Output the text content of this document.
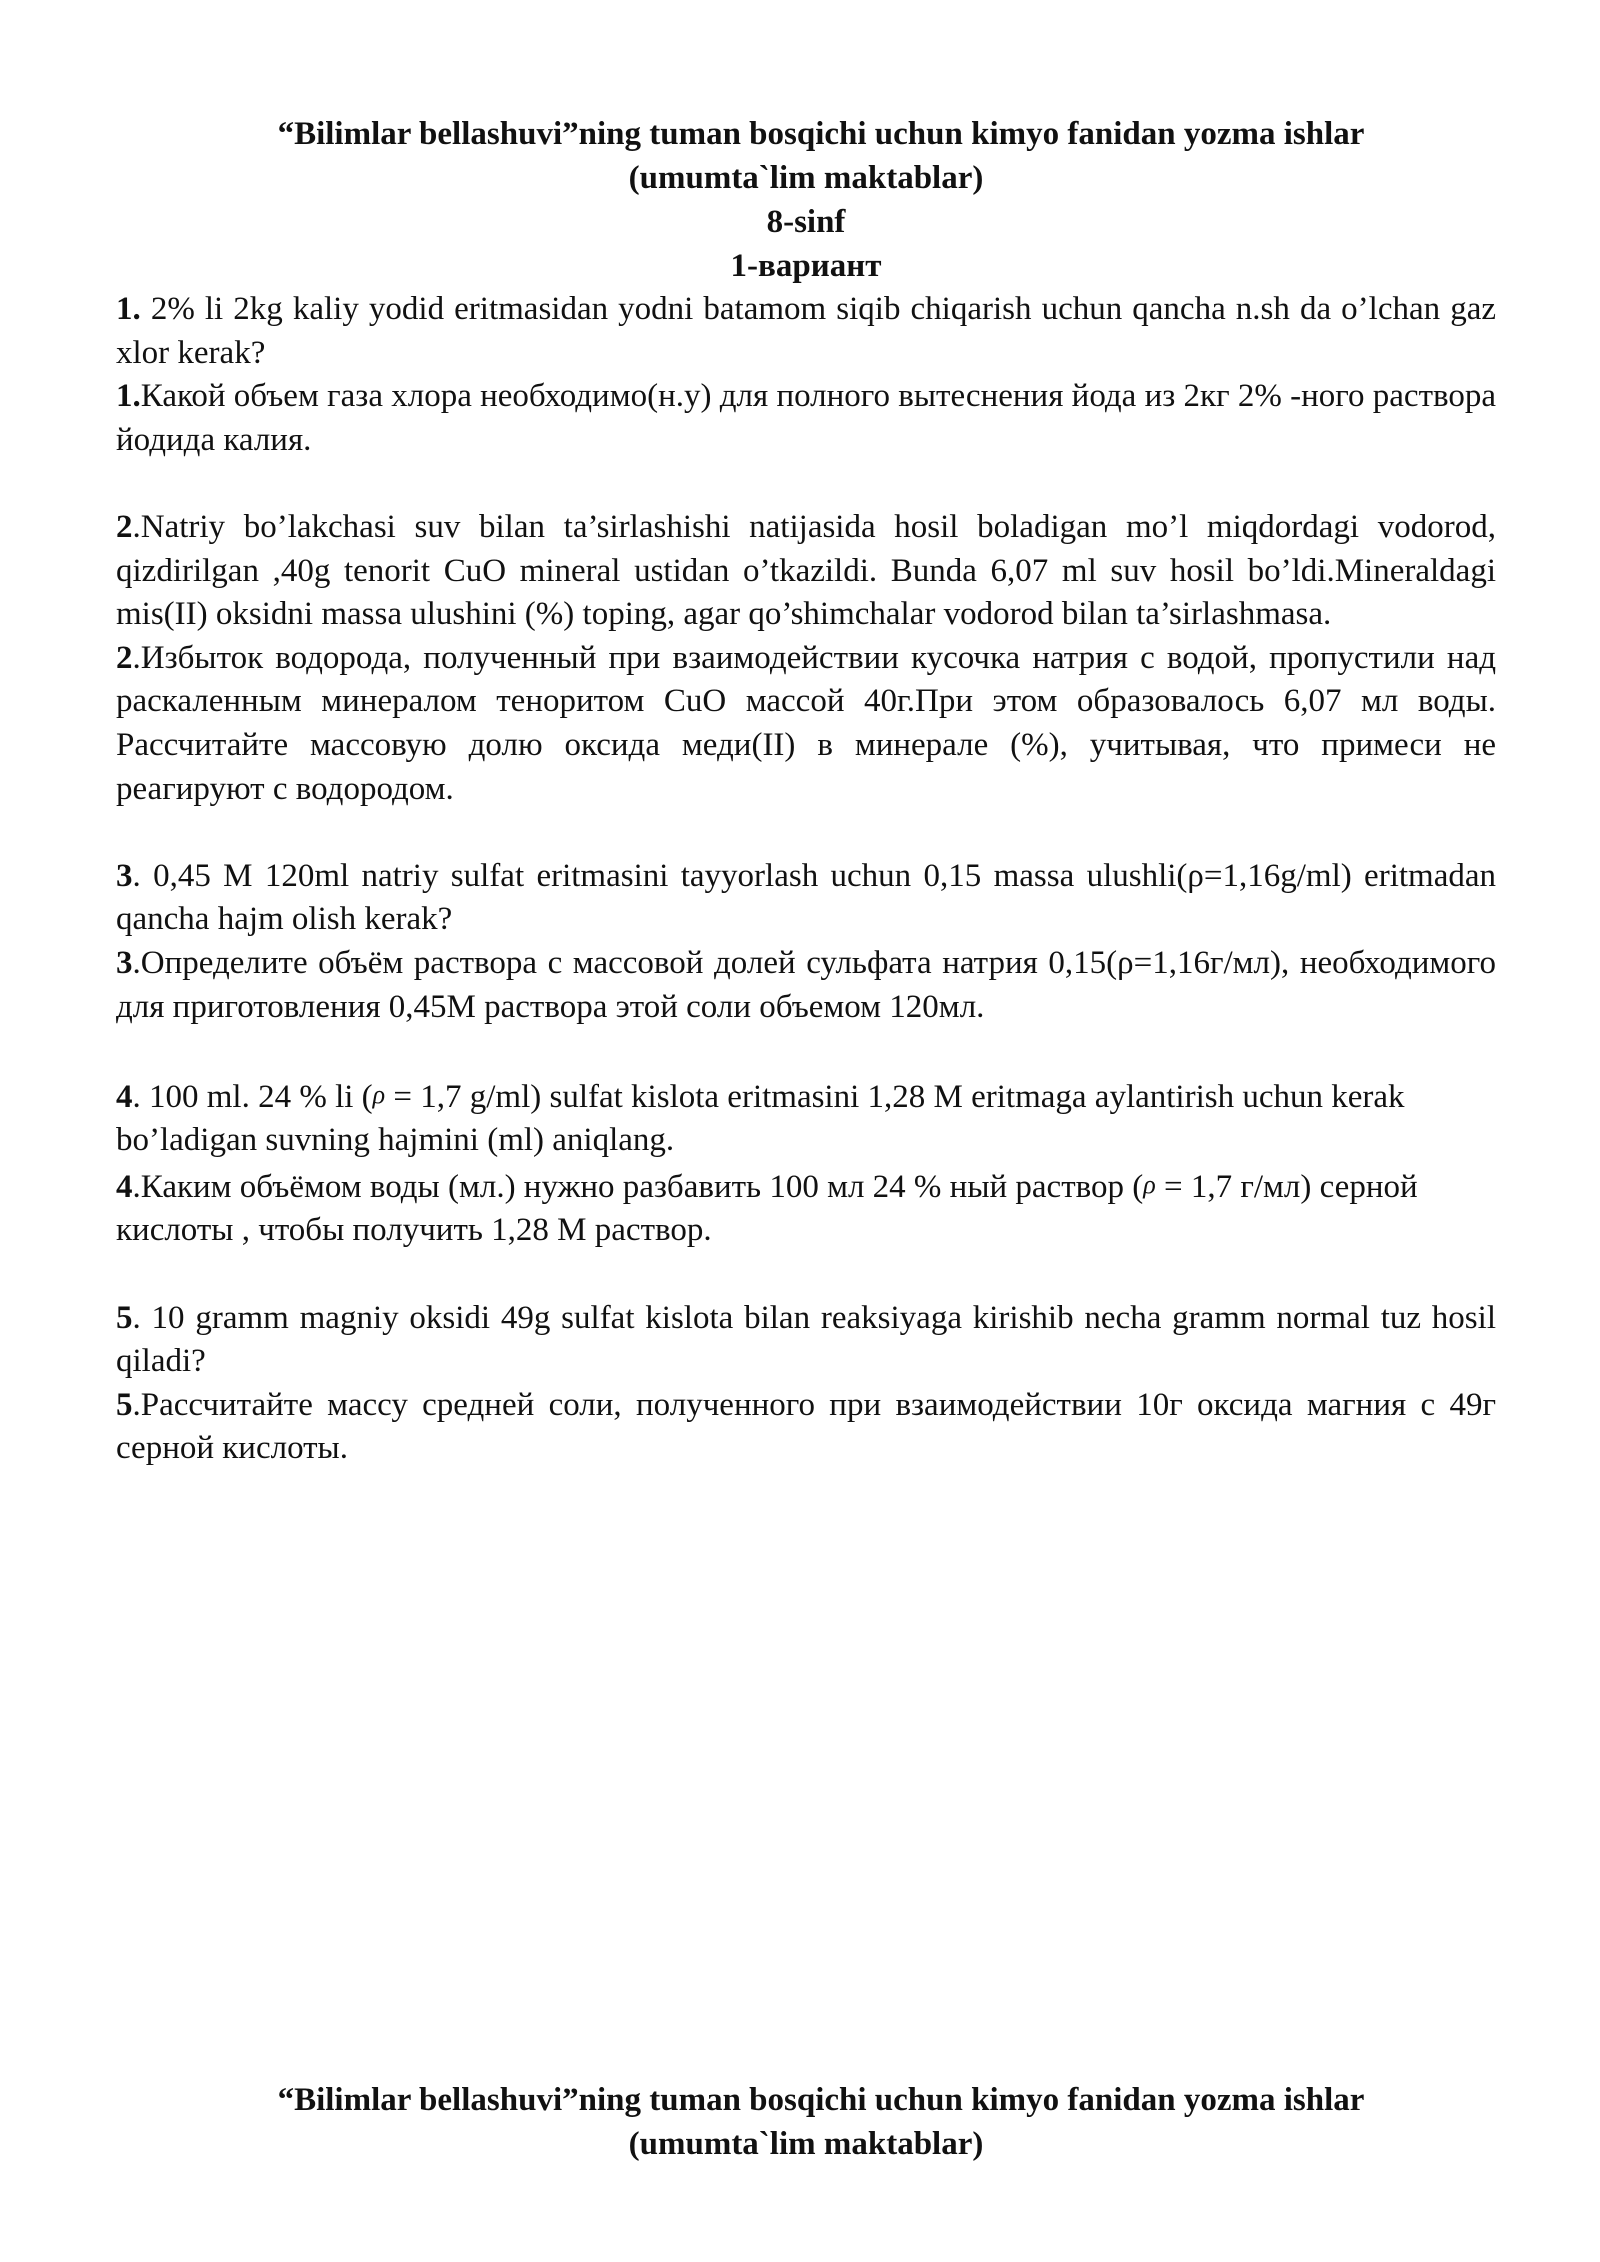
“Bilimlar bellashuvi”ning tuman bosqichi uchun kimyo fanidan yozma ishlar
(umumta`lim maktablar)
8-sinf
1-вариант

1. 2% li 2kg kaliy yodid eritmasidan yodni batamom siqib chiqarish uchun qancha n.sh da o’lchan gaz xlor kerak?

1.Какой объем газа хлора необходимо(н.у) для полного вытеснения йода из 2кг 2% -ного раствора йодида калия.

2.Natriy bo’lakchasi suv bilan ta’sirlashishi natijasida hosil boladigan mo’l miqdordagi vodorod, qizdirilgan ,40g tenorit CuO mineral ustidan o’tkazildi. Bunda 6,07 ml suv hosil bo’ldi.Mineraldagi mis(II) oksidni massa ulushini (%) toping, agar qo’shimchalar vodorod bilan ta’sirlashmasa.

2.Избыток водорода, полученный при взаимодействии кусочка натрия с водой, пропустили над раскаленным минералом тенoритом CuO массой 40г.При этом образовалось 6,07 мл воды. Рассчитайте массовую долю оксида меди(II) в минерале (%), учитывая, что примеси не реагируют с водородом.

3. 0,45 M 120ml natriy sulfat eritmasini tayyorlash uchun 0,15 massa ulushli(ρ=1,16g/ml) eritmadan qancha hajm olish kerak?

3.Определите объём раствора с массовой долей сульфата натрия 0,15(ρ=1,16г/мл), необходимого для приготовления 0,45М раствора этой соли объемом 120мл.

4. 100 ml. 24 % li (ρ = 1,7 g/ml) sulfat kislota eritmasini 1,28 M eritmaga aylantirish uchun kerak bo’ladigan suvning hajmini (ml) aniqlang.

4.Каким объёмом воды (мл.) нужно разбавить 100 мл 24 % ный раствор (ρ = 1,7 г/мл) серной кислоты , чтобы получить 1,28 М раствор.

5. 10 gramm magniy oksidi 49g sulfat kislota bilan reaksiyaga kirishib necha gramm normal tuz hosil qiladi?

5.Рассчитайте массу средней соли, полученного при взаимодействии 10г оксида магния с 49г серной кислоты.

“Bilimlar bellashuvi”ning tuman bosqichi uchun kimyo fanidan yozma ishlar
(umumta`lim maktablar)
